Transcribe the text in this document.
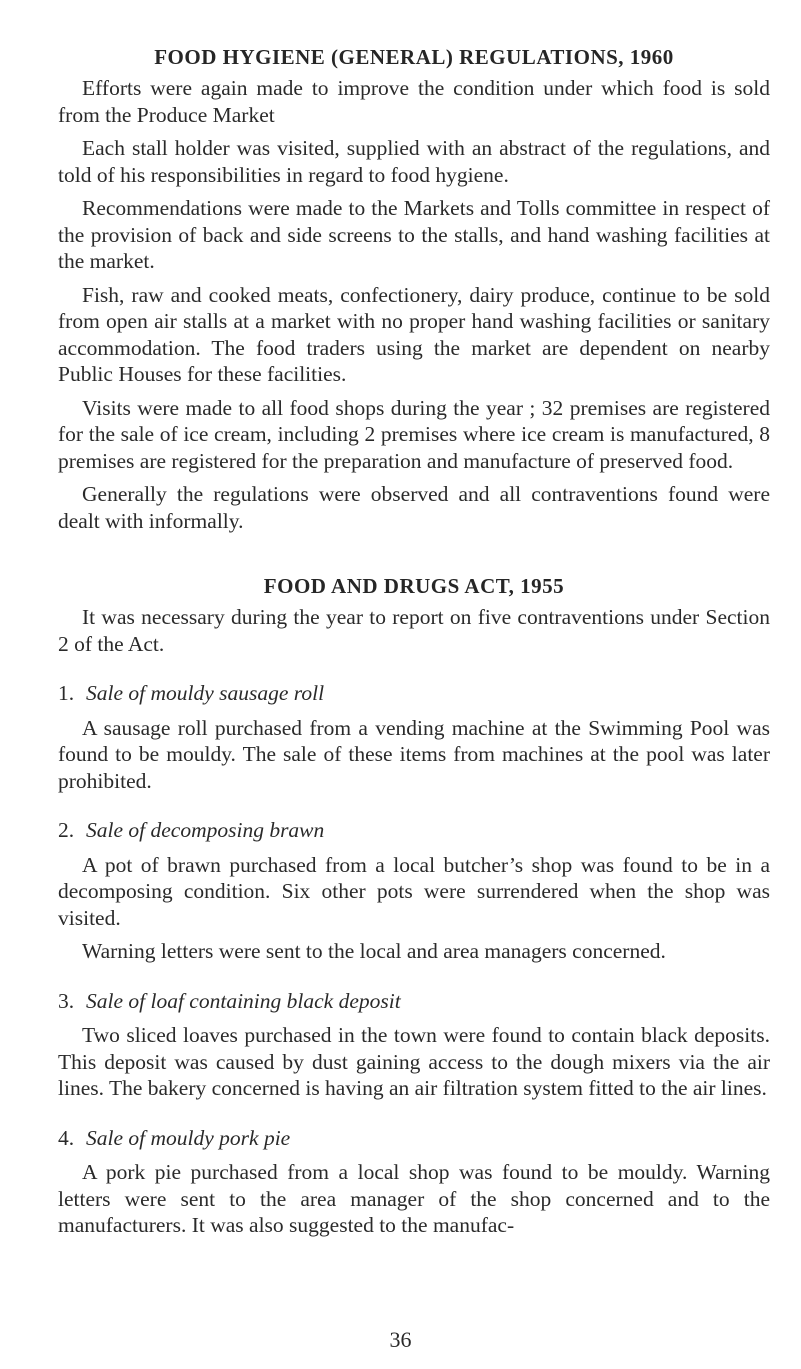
FOOD HYGIENE (GENERAL) REGULATIONS, 1960

Efforts were again made to improve the condition under which food is sold from the Produce Market

Each stall holder was visited, supplied with an abstract of the regulations, and told of his responsibilities in regard to food hygiene.

Recommendations were made to the Markets and Tolls committee in respect of the provision of back and side screens to the stalls, and hand washing facilities at the market.

Fish, raw and cooked meats, confectionery, dairy produce, continue to be sold from open air stalls at a market with no proper hand washing facilities or sanitary accommodation. The food traders using the market are dependent on nearby Public Houses for these facilities.

Visits were made to all food shops during the year ; 32 premises are registered for the sale of ice cream, including 2 premises where ice cream is manufactured, 8 premises are registered for the preparation and manufacture of preserved food.

Generally the regulations were observed and all contraventions found were dealt with informally.

FOOD AND DRUGS ACT, 1955

It was necessary during the year to report on five contraventions under Section 2 of the Act.

1. Sale of mouldy sausage roll

A sausage roll purchased from a vending machine at the Swimming Pool was found to be mouldy. The sale of these items from machines at the pool was later prohibited.

2. Sale of decomposing brawn

A pot of brawn purchased from a local butcher’s shop was found to be in a decomposing condition. Six other pots were surrendered when the shop was visited.

Warning letters were sent to the local and area managers concerned.

3. Sale of loaf containing black deposit

Two sliced loaves purchased in the town were found to contain black deposits. This deposit was caused by dust gaining access to the dough mixers via the air lines. The bakery concerned is having an air filtration system fitted to the air lines.

4. Sale of mouldy pork pie

A pork pie purchased from a local shop was found to be mouldy. Warning letters were sent to the area manager of the shop concerned and to the manufacturers. It was also suggested to the manufac-

36
